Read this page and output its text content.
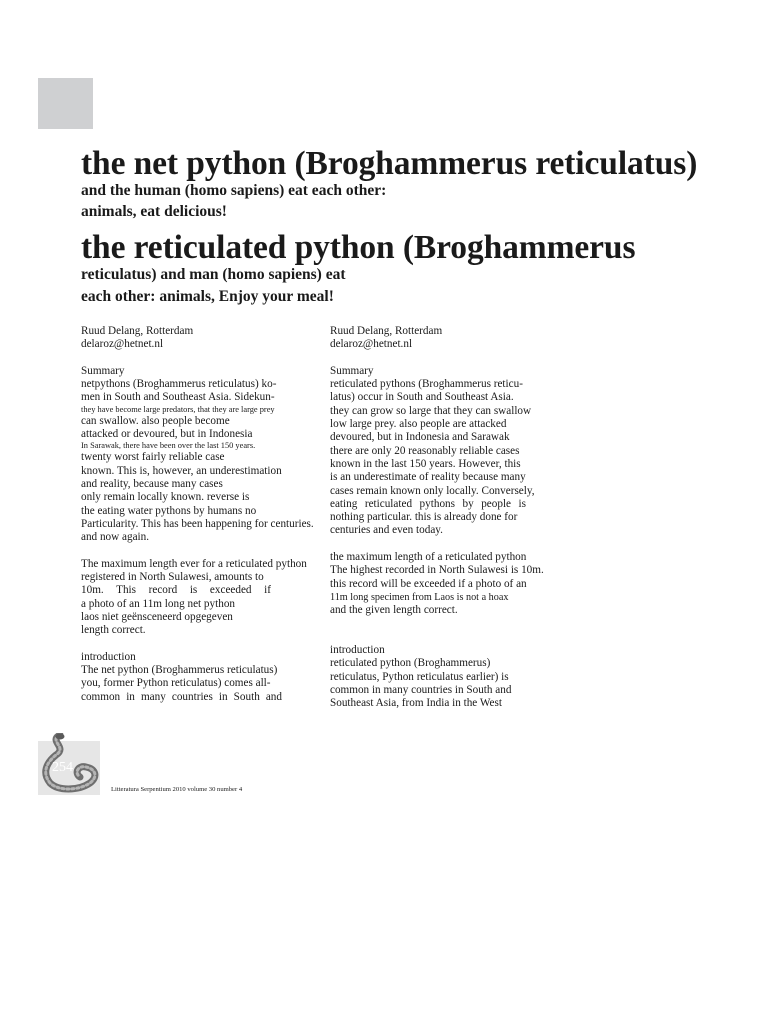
the net python (Broghammerus reticulatus)
and the human (homo sapiens) eat each other:
animals, eat delicious!
the reticulated python (Broghammerus
reticulatus) and man (homo sapiens) eat
each other: animals, Enjoy your meal!

Ruud Delang, Rotterdam

delaroz@hetnet.nl

Summary

netpythons (Broghammerus reticulatus) ko-

men in South and Southeast Asia. Sidekun-

they have become large predators, that they are large prey

can swallow. also people become

attacked or devoured, but in Indonesia

In Sarawak, there have been over the last 150 years.

twenty worst fairly reliable case

known. This is, however, an underestimation

and reality, because many cases

only remain locally known. reverse is

the eating water pythons by humans no

Particularity. This has been happening for centuries.

and now again.

The maximum length ever for a reticulated python

registered in North Sulawesi, amounts to

10m. This record is exceeded if

a photo of an 11m long net python

laos niet geënsceneerd opgegeven

length correct.

introduction

The net python (Broghammerus reticulatus)

you, former Python reticulatus) comes all-

common in many countries in South and

Ruud Delang, Rotterdam

delaroz@hetnet.nl

Summary

reticulated pythons (Broghammerus reticu-

latus) occur in South and Southeast Asia.

they can grow so large that they can swallow

low large prey. also people are attacked

devoured, but in Indonesia and Sarawak

there are only 20 reasonably reliable cases

known in the last 150 years. However, this

is an underestimate of reality because many

cases remain known only locally. Conversely,

eating reticulated pythons by people is

nothing particular. this is already done for

centuries and even today.

the maximum length of a reticulated python

The highest recorded in North Sulawesi is 10m.

this record will be exceeded if a photo of an

11m long specimen from Laos is not a hoax

and the given length correct.

introduction

reticulated python (Broghammerus)

reticulatus, Python reticulatus earlier) is

common in many countries in South and

Southeast Asia, from India in the West

254
Litteratura Serpentium 2010 volume 30 number 4
